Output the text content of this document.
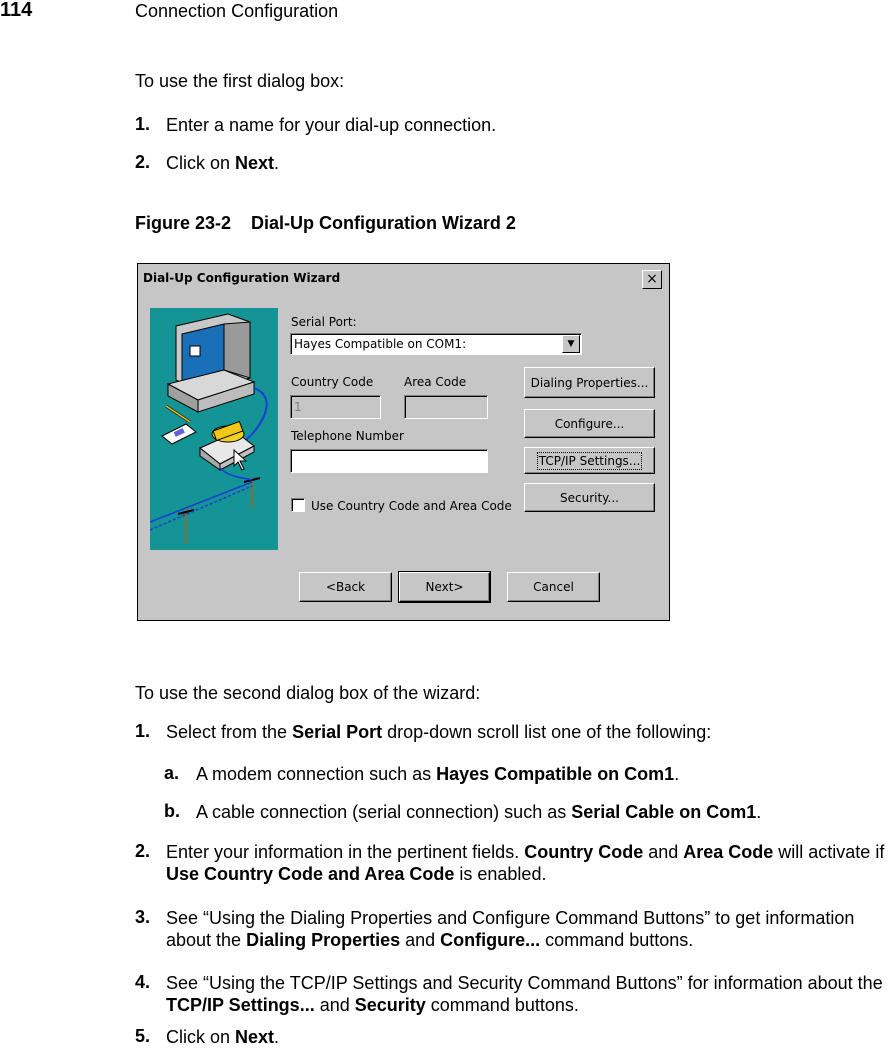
114	Connection Configuration
To use the first dialog box:
1. Enter a name for your dial-up connection.
2. Click on Next.
Figure 23-2 Dial-Up Configuration Wizard 2
Dial-Up Configuration Wizard	×
Serial Port:
Hayes Compatible on COM1:	▼
Country Code
1
Area Code
Telephone Number
Use Country Code and Area Code
Dialing Properties...
Configure...
TCP/IP Settings...
Security...
<Back	Next>	Cancel
To use the second dialog box of the wizard:
1. Select from the Serial Port drop-down scroll list one of the following:
a. A modem connection such as Hayes Compatible on Com1.
b. A cable connection (serial connection) such as Serial Cable on Com1.
2. Enter your information in the pertinent fields. Country Code and Area Code will activate if Use Country Code and Area Code is enabled.
3. See “Using the Dialing Properties and Configure Command Buttons” to get information about the Dialing Properties and Configure... command buttons.
4. See “Using the TCP/IP Settings and Security Command Buttons” for information about the TCP/IP Settings... and Security command buttons.
5. Click on Next.
